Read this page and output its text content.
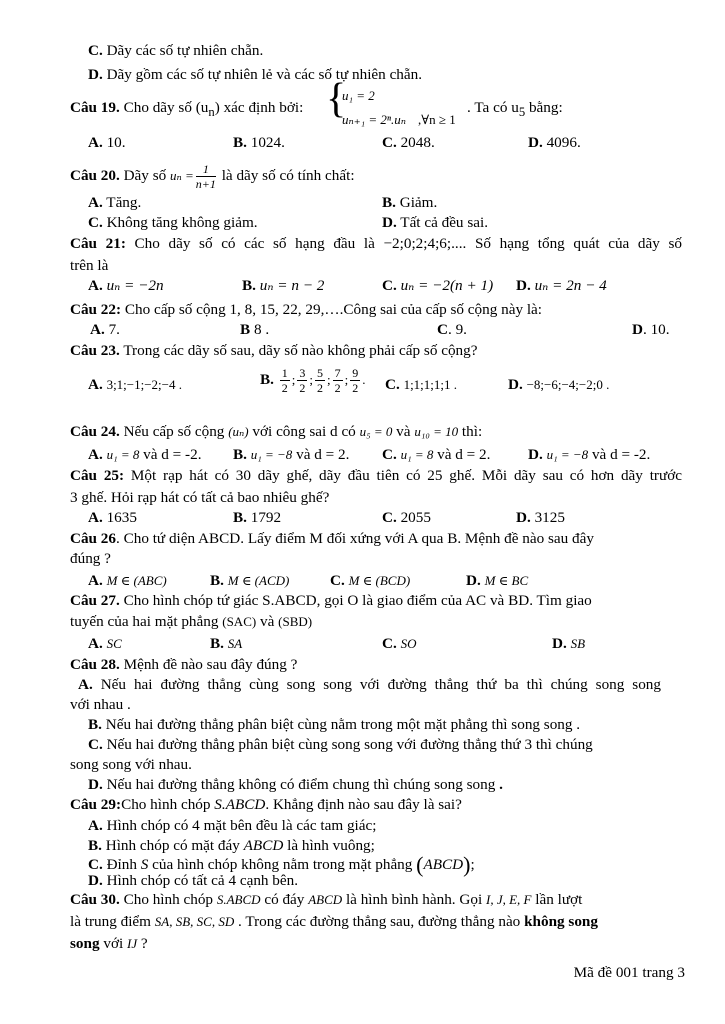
C. Dãy các số tự nhiên chẵn.
D. Dãy gồm các số tự nhiên lẻ và các số tự nhiên chẵn.
Câu 19. Cho dãy số $(u_n)$ xác định bởi: {
u₁ = 2
uₙ₊₁ = 2ⁿ.uₙ ,∀n ≥ 1
. Ta có $u_5$ bằng:
A. 10.	B. 1024.	C. 2048.	D. 4096.
Câu 20. Dãy số $u_n = \frac{1}{n+1}$ là dãy số có tính chất:
A. Tăng.	B. Giảm.
C. Không tăng không giảm.	D. Tất cả đều sai.
Câu 21: Cho dãy số có các số hạng đầu là −2;0;2;4;6;.... Số hạng tổng quát của dãy số
trên là
A. uₙ = −2n	B. uₙ = n − 2	C. uₙ = −2(n + 1) D. uₙ = 2n − 4
Câu 22: Cho cấp số cộng 1, 8, 15, 22, 29,….Công sai của cấp số cộng này là:
A. 7.	B 8 .	C. 9.	D. 10.
Câu 23. Trong các dãy số sau, dãy số nào không phải cấp số cộng?
A. 3;1;−1;−2;−4 .	B. $\frac{1}{2}$ ; $\frac{3}{2}$ ; $\frac{5}{2}$ ; $\frac{7}{2}$ ; $\frac{9}{2}$ . C. 1;1;1;1;1 .	D. −8;−6;−4;−2;0 .
Câu 24. Nếu cấp số cộng (uₙ) với công sai d có u₅ = 0 và u₁₀ = 10 thì:
A. u₁ = 8 và d = -2. B. u₁ = −8 và d = 2. C. u₁ = 8 và d = 2. D. u₁ = −8 và d = -2.
Câu 25: Một rạp hát có 30 dãy ghế, dãy đầu tiên có 25 ghế. Mỗi dãy sau có hơn dãy trước
3 ghế. Hỏi rạp hát có tất cả bao nhiêu ghế?
A. 1635	B. 1792	C. 2055	D. 3125
Câu 26. Cho tứ diện ABCD. Lấy điểm M đối xứng với A qua B. Mệnh đề nào sau đây
đúng ?
A. M ∈ (ABC)	B. M ∈ (ACD)	C. M ∈ (BCD)	D. M ∈ BC
Câu 27. Cho hình chóp tứ giác S.ABCD, gọi O là giao điểm của AC và BD. Tìm giao
tuyến của hai mặt phẳng (SAC) và (SBD)
A. SC	B. SA	C. SO	D. SB
Câu 28. Mệnh đề nào sau đây đúng ?
A. Nếu hai đường thẳng cùng song song với đường thẳng thứ ba thì chúng song song
với nhau .
B. Nếu hai đường thẳng phân biệt cùng nằm trong một mặt phẳng thì song song .
C. Nếu hai đường thẳng phân biệt cùng song song với đường thẳng thứ 3 thì chúng
song song với nhau.
D. Nếu hai đường thẳng không có điểm chung thì chúng song song .
Câu 29:Cho hình chóp S.ABCD. Khẳng định nào sau đây là sai?
A. Hình chóp có 4 mặt bên đều là các tam giác;
B. Hình chóp có mặt đáy ABCD là hình vuông;
C. Đỉnh S của hình chóp không nằm trong mặt phẳng (ABCD);
D. Hình chóp có tất cả 4 cạnh bên.
Câu 30. Cho hình chóp S.ABCD có đáy ABCD là hình bình hành. Gọi I, J, E, F lần lượt
là trung điểm SA, SB, SC, SD . Trong các đường thẳng sau, đường thẳng nào không song
song với IJ ?
Mã đề 001 trang 3
